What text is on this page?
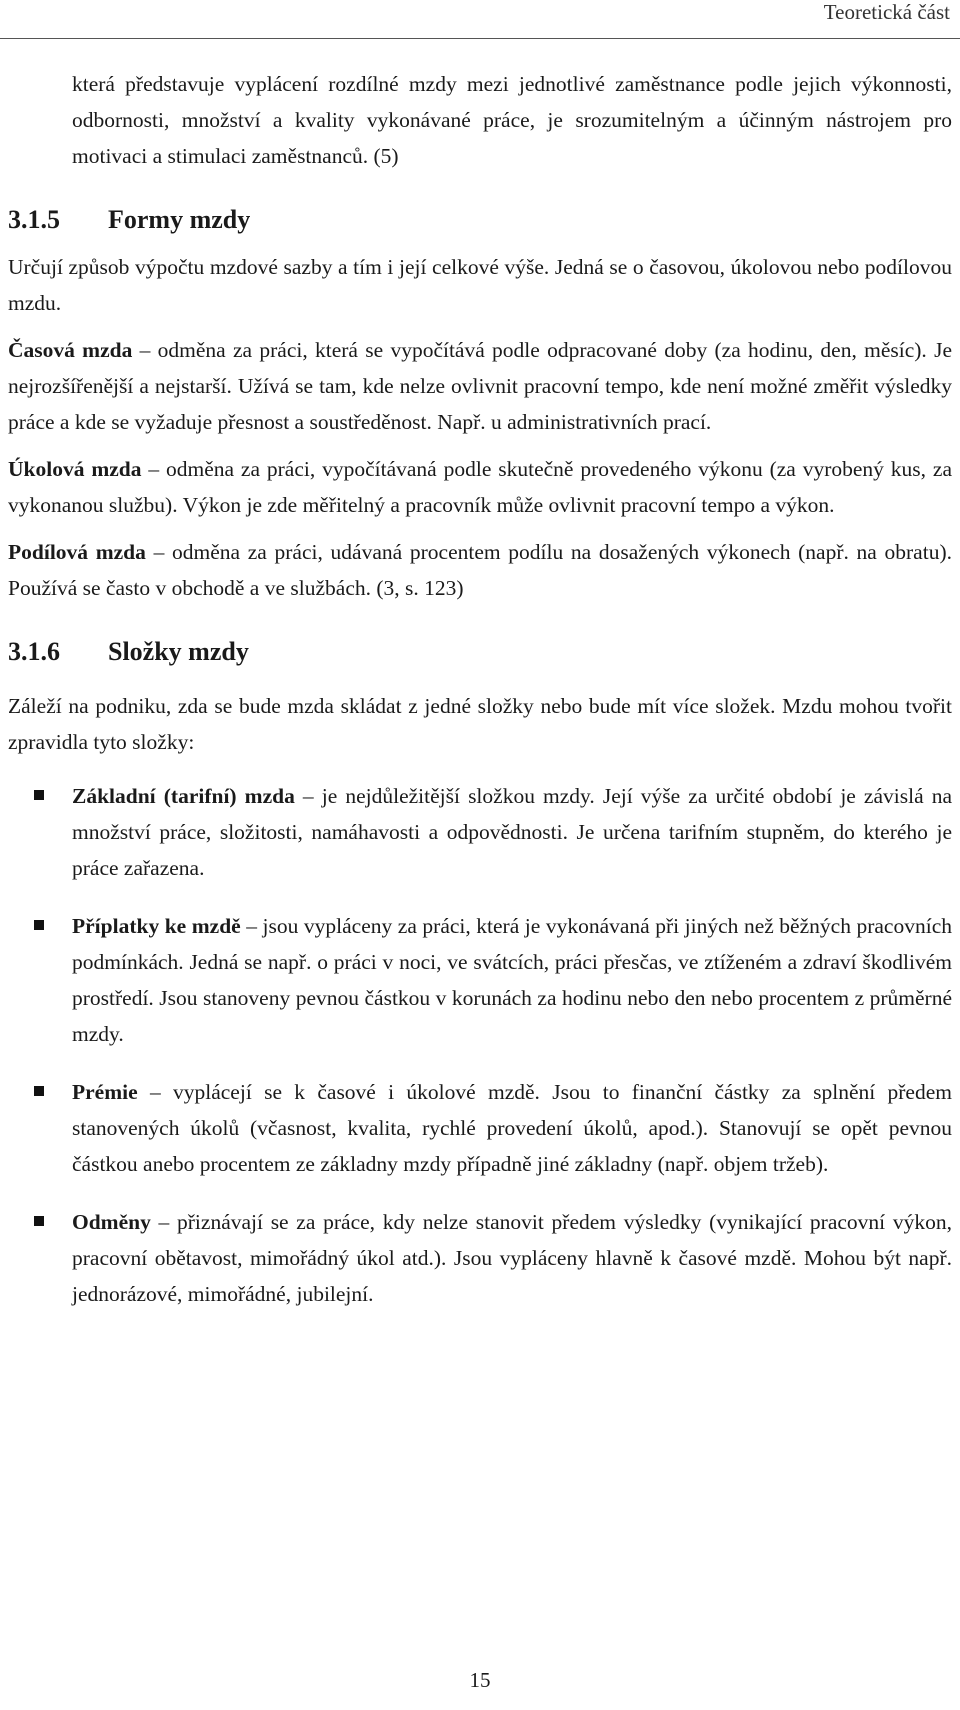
Teoretická část

která představuje vyplácení rozdílné mzdy mezi jednotlivé zaměstnance podle jejich výkonnosti, odbornosti, množství a kvality vykonávané práce, je srozumitelným a účinným nástrojem pro motivaci a stimulaci zaměstnanců. (5)

3.1.5 Formy mzdy

Určují způsob výpočtu mzdové sazby a tím i její celkové výše. Jedná se o časovou, úkolovou nebo podílovou mzdu.

Časová mzda – odměna za práci, která se vypočítává podle odpracované doby (za hodinu, den, měsíc). Je nejrozšířenější a nejstarší. Užívá se tam, kde nelze ovlivnit pracovní tempo, kde není možné změřit výsledky práce a kde se vyžaduje přesnost a soustředěnost. Např. u administrativních prací.

Úkolová mzda – odměna za práci, vypočítávaná podle skutečně provedeného výkonu (za vyrobený kus, za vykonanou službu). Výkon je zde měřitelný a pracovník může ovlivnit pracovní tempo a výkon.

Podílová mzda – odměna za práci, udávaná procentem podílu na dosažených výkonech (např. na obratu). Používá se často v obchodě a ve službách. (3, s. 123)

3.1.6 Složky mzdy

Záleží na podniku, zda se bude mzda skládat z jedné složky nebo bude mít více složek. Mzdu mohou tvořit zpravidla tyto složky:

Základní (tarifní) mzda – je nejdůležitější složkou mzdy. Její výše za určité období je závislá na množství práce, složitosti, namáhavosti a odpovědnosti. Je určena tarifním stupněm, do kterého je práce zařazena.
Příplatky ke mzdě – jsou vypláceny za práci, která je vykonávaná při jiných než běžných pracovních podmínkách. Jedná se např. o práci v noci, ve svátcích, práci přesčas, ve ztíženém a zdraví škodlivém prostředí. Jsou stanoveny pevnou částkou v korunách za hodinu nebo den nebo procentem z průměrné mzdy.
Prémie – vyplácejí se k časové i úkolové mzdě. Jsou to finanční částky za splnění předem stanovených úkolů (včasnost, kvalita, rychlé provedení úkolů, apod.). Stanovují se opět pevnou částkou anebo procentem ze základny mzdy případně jiné základny (např. objem tržeb).
Odměny – přiznávají se za práce, kdy nelze stanovit předem výsledky (vynikající pracovní výkon, pracovní obětavost, mimořádný úkol atd.). Jsou vypláceny hlavně k časové mzdě. Mohou být např. jednorázové, mimořádné, jubilejní.
15
